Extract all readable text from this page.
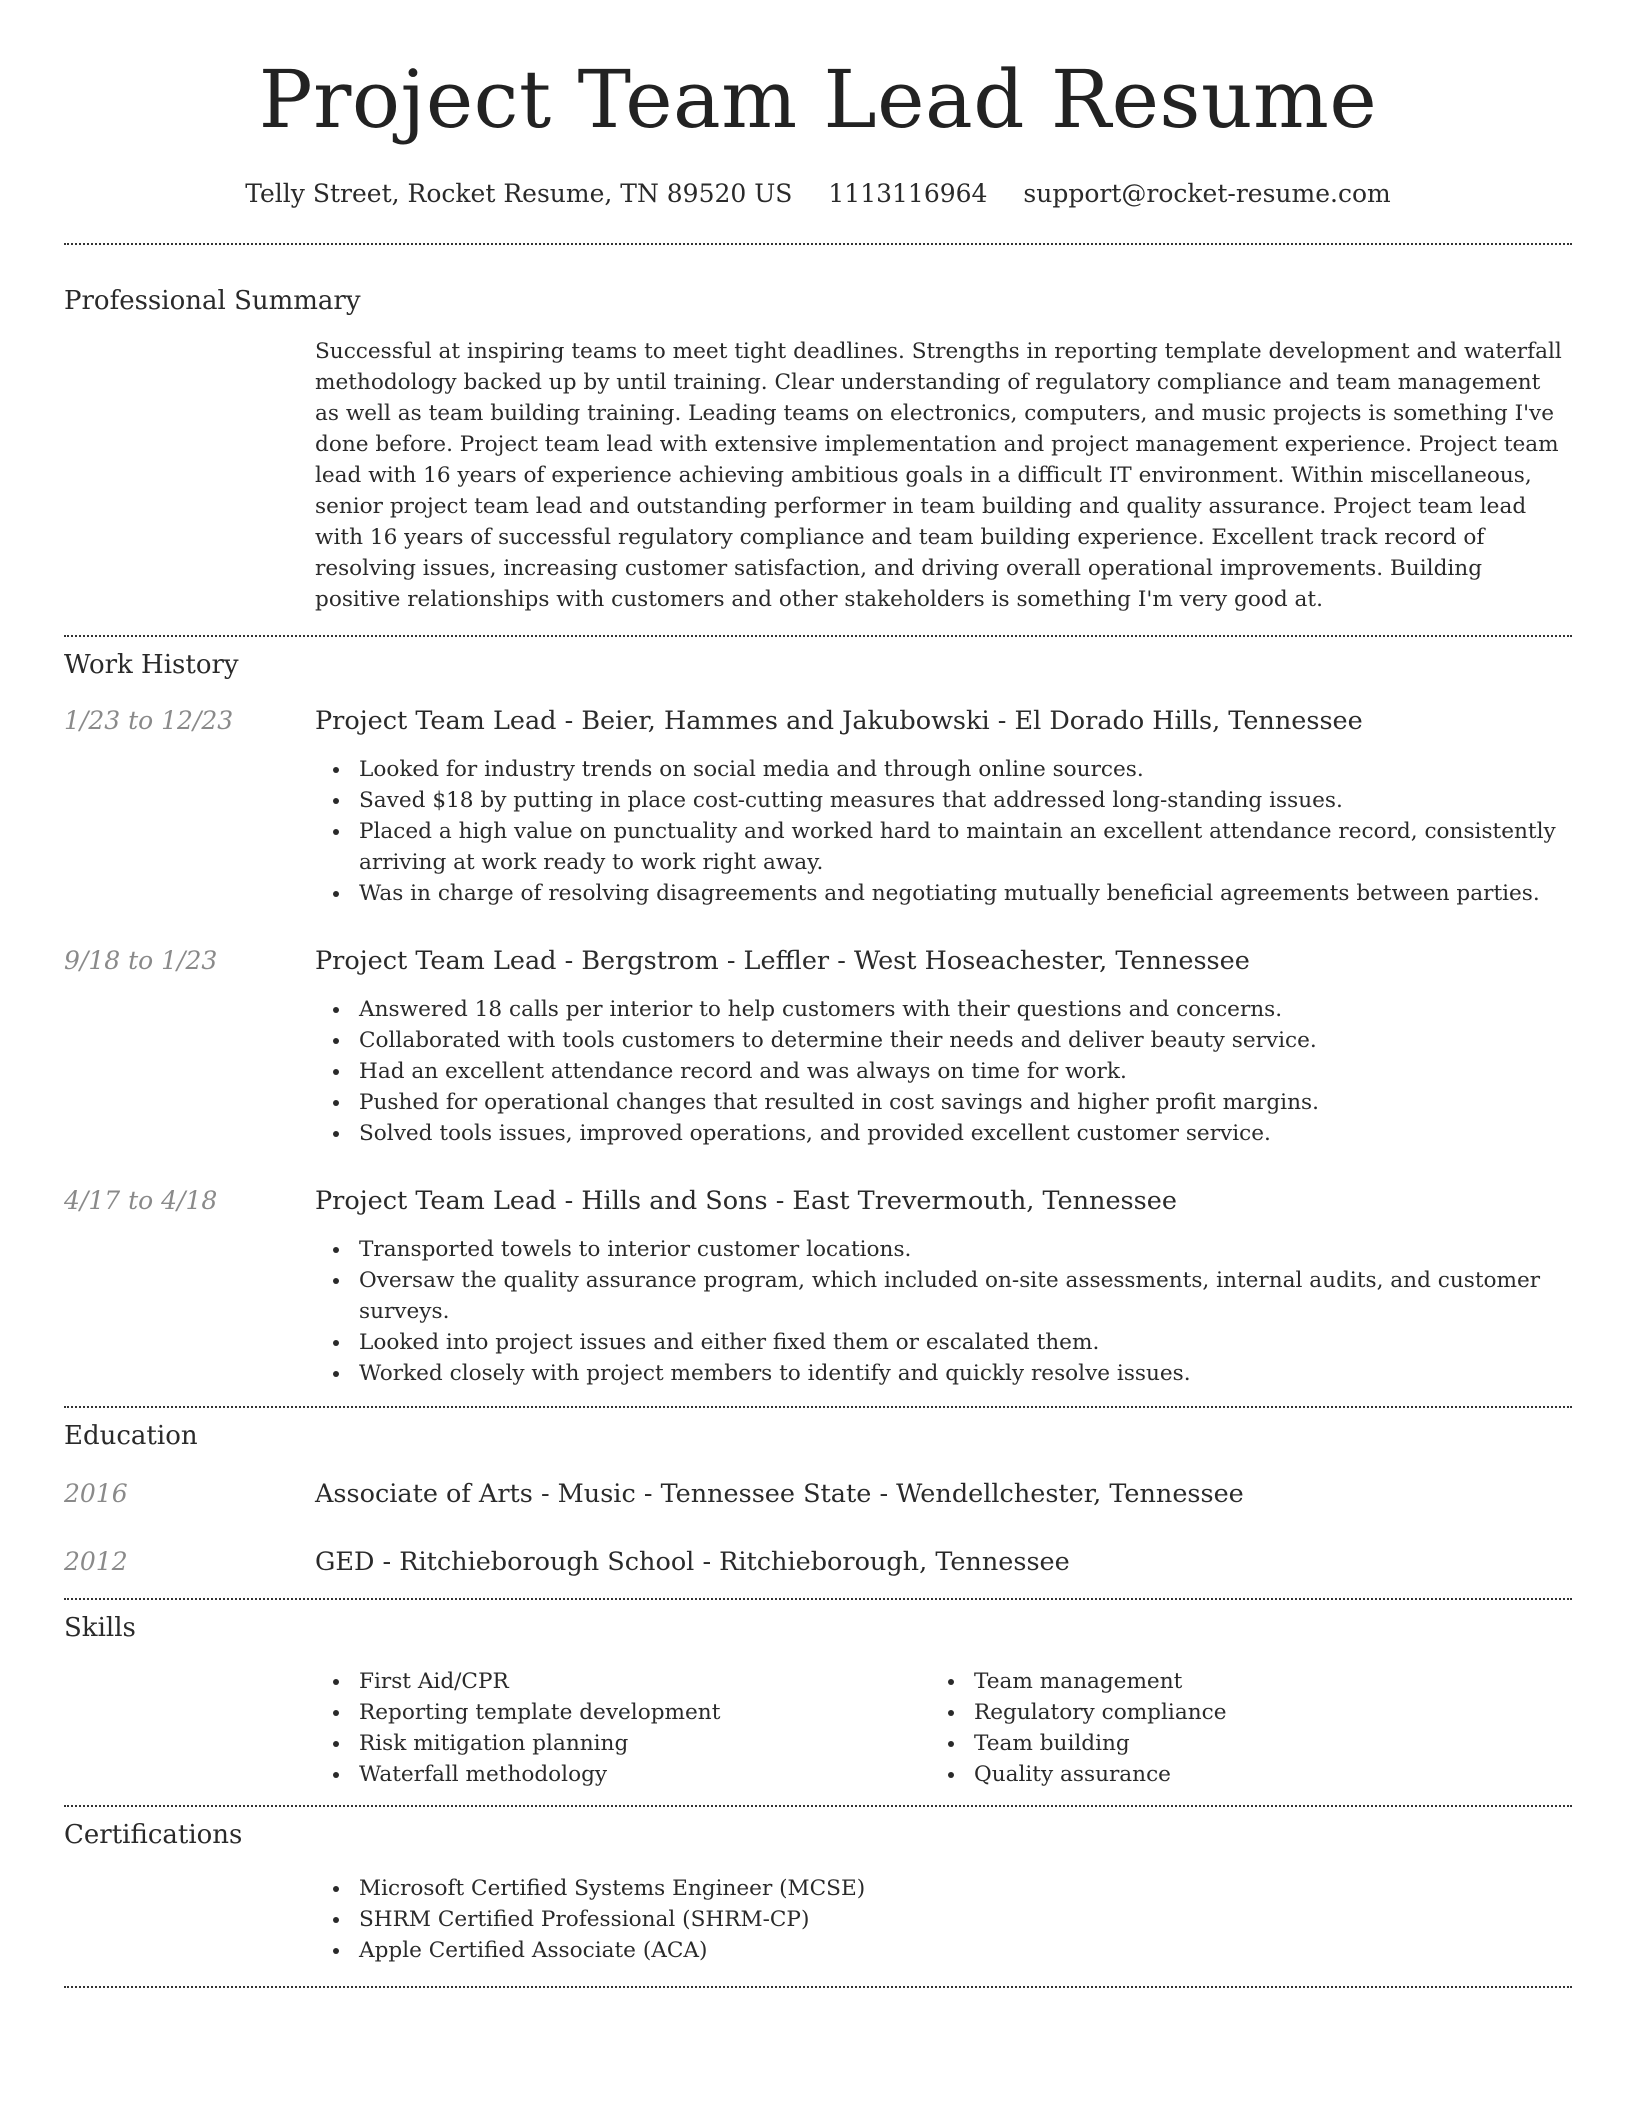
Project Team Lead Resume
Telly Street, Rocket Resume, TN 89520 US 1113116964 support@rocket-resume.com
Professional Summary

Successful at inspiring teams to meet tight deadlines. Strengths in reporting template development and waterfall methodology backed up by until training. Clear understanding of regulatory compliance and team management as well as team building training. Leading teams on electronics, computers, and music projects is something I've done before. Project team lead with extensive implementation and project management experience. Project team lead with 16 years of experience achieving ambitious goals in a difficult IT environment. Within miscellaneous, senior project team lead and outstanding performer in team building and quality assurance. Project team lead with 16 years of successful regulatory compliance and team building experience. Excellent track record of resolving issues, increasing customer satisfaction, and driving overall operational improvements. Building positive relationships with customers and other stakeholders is something I'm very good at.

Work History
1/23 to 12/23	Project Team Lead - Beier, Hammes and Jakubowski - El Dorado Hills, Tennessee
Looked for industry trends on social media and through online sources.
Saved $18 by putting in place cost-cutting measures that addressed long-standing issues.
Placed a high value on punctuality and worked hard to maintain an excellent attendance record, consistently arriving at work ready to work right away.
Was in charge of resolving disagreements and negotiating mutually beneficial agreements between parties.
9/18 to 1/23	Project Team Lead - Bergstrom - Leffler - West Hoseachester, Tennessee
Answered 18 calls per interior to help customers with their questions and concerns.
Collaborated with tools customers to determine their needs and deliver beauty service.
Had an excellent attendance record and was always on time for work.
Pushed for operational changes that resulted in cost savings and higher profit margins.
Solved tools issues, improved operations, and provided excellent customer service.
4/17 to 4/18	Project Team Lead - Hills and Sons - East Trevermouth, Tennessee
Transported towels to interior customer locations.
Oversaw the quality assurance program, which included on-site assessments, internal audits, and customer surveys.
Looked into project issues and either fixed them or escalated them.
Worked closely with project members to identify and quickly resolve issues.
Education
2016	Associate of Arts - Music - Tennessee State - Wendellchester, Tennessee
2012	GED - Ritchieborough School - Ritchieborough, Tennessee
Skills
First Aid/CPR
Reporting template development
Risk mitigation planning
Waterfall methodology
Team management
Regulatory compliance
Team building
Quality assurance
Certifications
Microsoft Certified Systems Engineer (MCSE)
SHRM Certified Professional (SHRM-CP)
Apple Certified Associate (ACA)
